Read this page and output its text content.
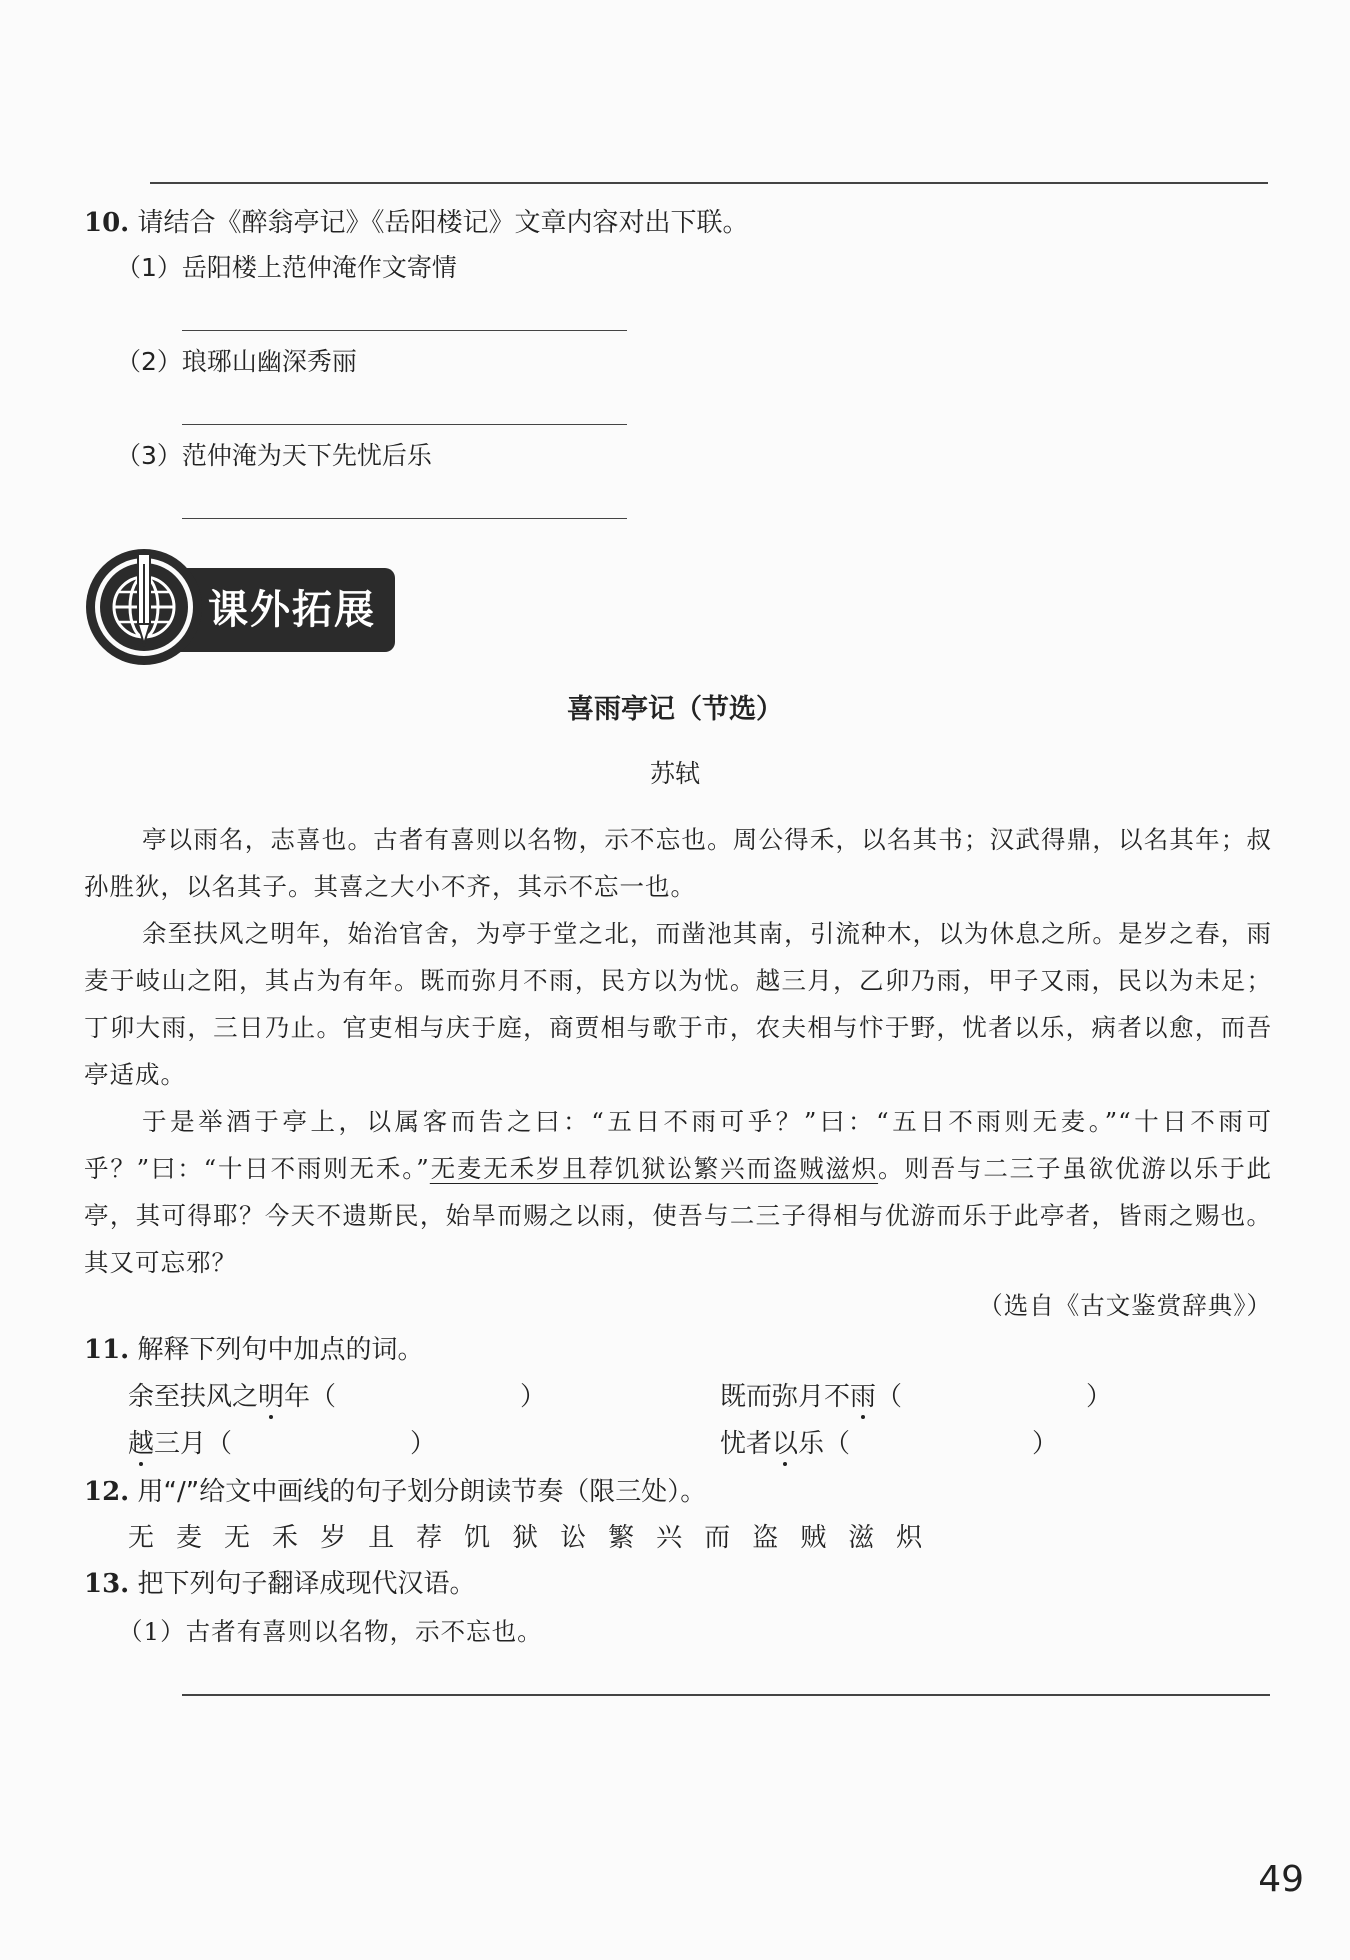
10. 请结合《醉翁亭记》《岳阳楼记》文章内容对出下联。
（1）岳阳楼上范仲淹作文寄情
（2）琅琊山幽深秀丽
（3）范仲淹为天下先忧后乐
课外拓展
喜雨亭记（节选）
苏轼

亭以雨名，志喜也。古者有喜则以名物，示不忘也。周公得禾，以名其书；汉武得鼎，以名其年；叔孙胜狄，以名其子。其喜之大小不齐，其示不忘一也。

余至扶风之明年，始治官舍，为亭于堂之北，而凿池其南，引流种木，以为休息之所。是岁之春，雨麦于岐山之阳，其占为有年。既而弥月不雨，民方以为忧。越三月，乙卯乃雨，甲子又雨，民以为未足；丁卯大雨，三日乃止。官吏相与庆于庭，商贾相与歌于市，农夫相与忭于野，忧者以乐，病者以愈，而吾亭适成。

于是举酒于亭上，以属客而告之曰：“五日不雨可乎？”曰：“五日不雨则无麦。”“十日不雨可乎？”曰：“十日不雨则无禾。”无麦无禾岁且荐饥狱讼繁兴而盗贼滋炽。则吾与二三子虽欲优游以乐于此亭，其可得耶？今天不遗斯民，始旱而赐之以雨，使吾与二三子得相与优游而乐于此亭者，皆雨之赐也。其又可忘邪？

（选自《古文鉴赏辞典》）
11. 解释下列句中加点的词。
余至扶风之明年（	）	既而弥月不雨（	）
越三月（	）	忧者以乐（	）
12. 用“/”给文中画线的句子划分朗读节奏（限三处）。
无 麦 无 禾 岁 且 荐 饥 狱 讼 繁 兴 而 盗 贼 滋 炽
13. 把下列句子翻译成现代汉语。
（1）古者有喜则以名物，示不忘也。
49
